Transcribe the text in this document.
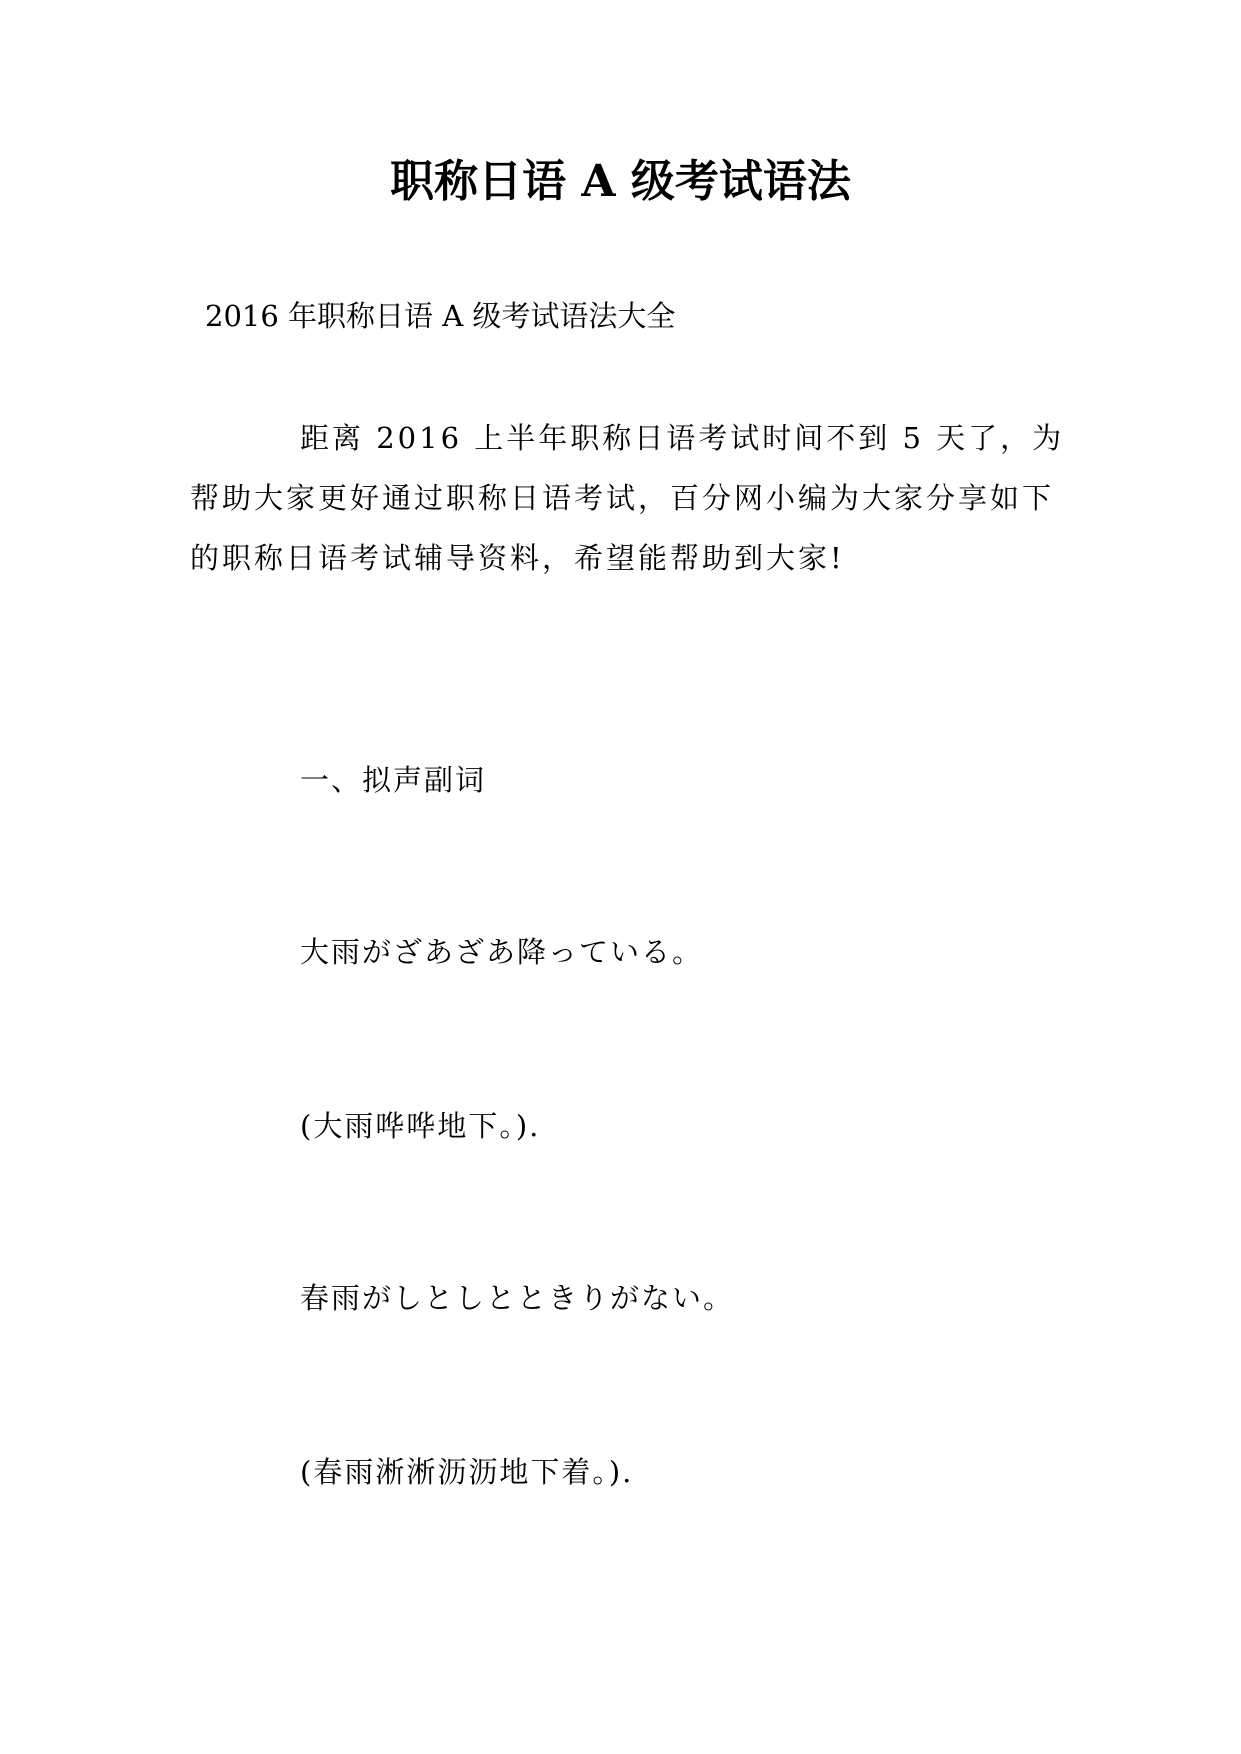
职称日语 A 级考试语法
2016 年职称日语 A 级考试语法大全
距离 2016 上半年职称日语考试时间不到 5 天了，为帮助大家更好通过职称日语考试，百分网小编为大家分享如下的职称日语考试辅导资料，希望能帮助到大家!
一、拟声副词
大雨がざあざあ降っている。
(大雨哗哗地下。).
春雨がしとしとときりがない。
(春雨淅淅沥沥地下着。).
